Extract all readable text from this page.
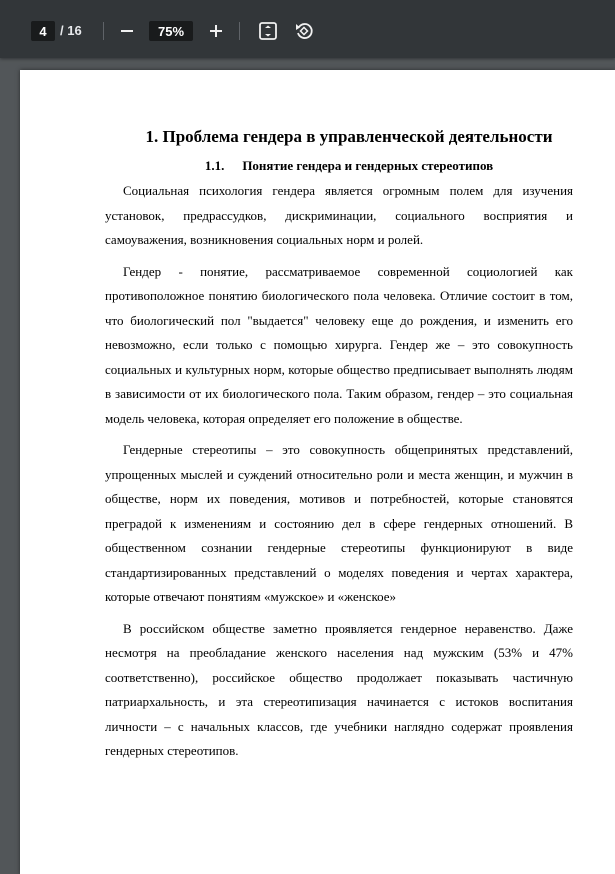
4	/ 16	75%
1. Проблема гендера в управленческой деятельности
1.1. Понятие гендера и гендерных стереотипов

Социальная психология гендера является огромным полем для изучения установок, предрассудков, дискриминации, социального восприятия и самоуважения, возникновения социальных норм и ролей.

Гендер - понятие, рассматриваемое современной социологией как противоположное понятию биологического пола человека. Отличие состоит в том, что биологический пол "выдается" человеку еще до рождения, и изменить его невозможно, если только с помощью хирурга. Гендер же – это совокупность социальных и культурных норм, которые общество предписывает выполнять людям в зависимости от их биологического пола. Таким образом, гендер – это социальная модель человека, которая определяет его положение в обществе.

Гендерные стереотипы – это совокупность общепринятых представлений, упрощенных мыслей и суждений относительно роли и места женщин, и мужчин в обществе, норм их поведения, мотивов и потребностей, которые становятся преградой к изменениям и состоянию дел в сфере гендерных отношений. В общественном сознании гендерные стереотипы функционируют в виде стандартизированных представлений о моделях поведения и чертах характера, которые отвечают понятиям «мужское» и «женское»

В российском обществе заметно проявляется гендерное неравенство. Даже несмотря на преобладание женского населения над мужским (53% и 47% соответственно), российское общество продолжает показывать частичную патриархальность, и эта стереотипизация начинается с истоков воспитания личности – с начальных классов, где учебники наглядно содержат проявления гендерных стереотипов.
